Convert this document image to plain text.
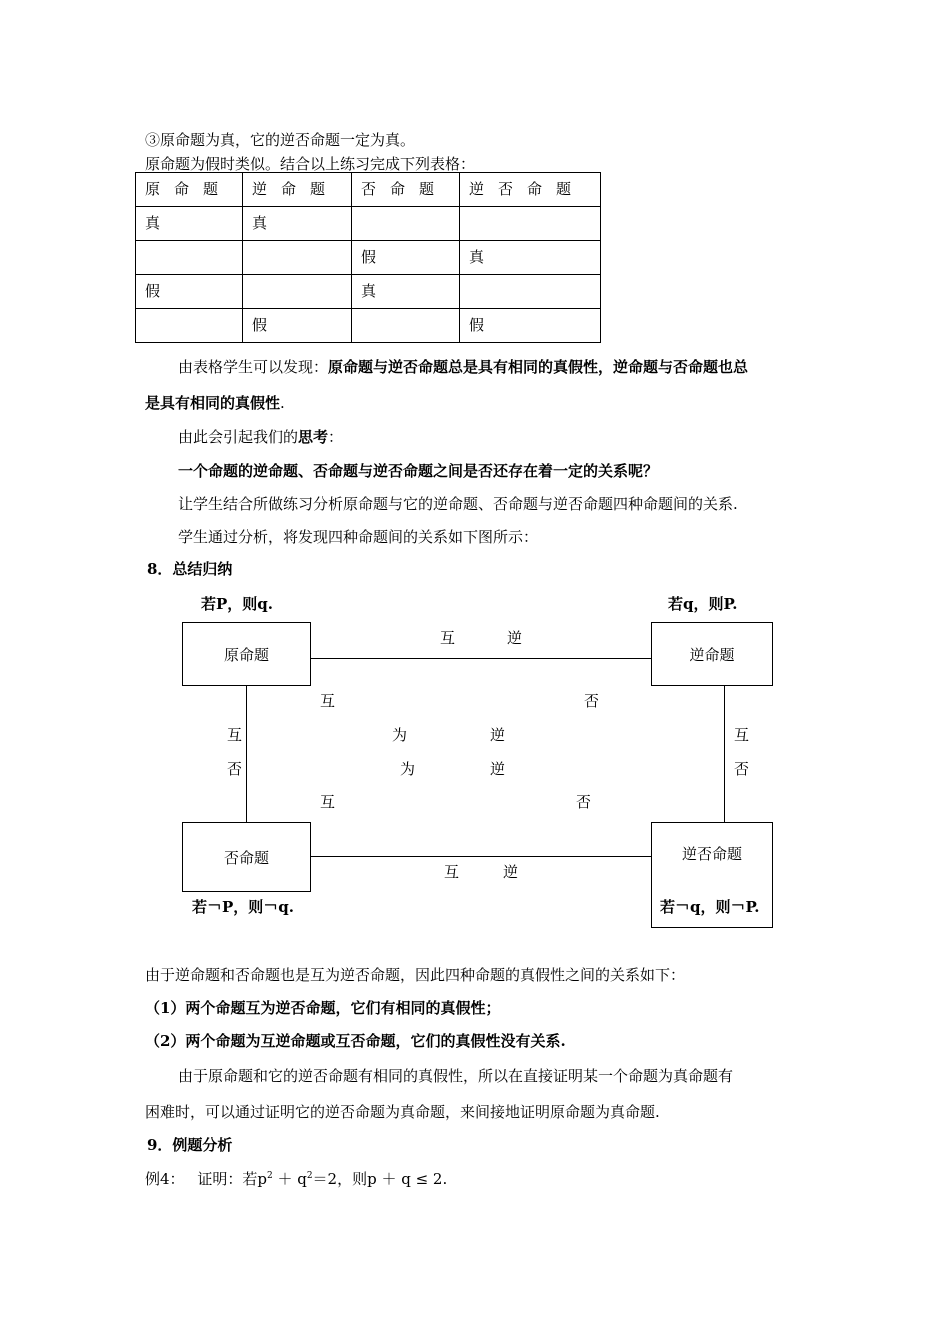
③原命题为真，它的逆否命题一定为真。
原命题为假时类似。结合以上练习完成下列表格：
原命题	逆命题	否命题	逆否命题
真	真		
		假	真
假		真	
	假		假
由表格学生可以发现：原命题与逆否命题总是具有相同的真假性，逆命题与否命题也总
是具有相同的真假性.
由此会引起我们的思考：
一个命题的逆命题、否命题与逆否命题之间是否还存在着一定的关系呢？
让学生结合所做练习分析原命题与它的逆命题、否命题与逆否命题四种命题间的关系.
学生通过分析，将发现四种命题间的关系如下图所示：
8．总结归纳
若P，则q.	若q，则P.
原命题	逆命题
否命题	逆否命题
若￢q，则￢P.
若￢P，则￢q.
互	逆
互	逆
互
否
互
否
互	否
为	逆
为	逆
互	否
由于逆命题和否命题也是互为逆否命题，因此四种命题的真假性之间的关系如下：
（1）两个命题互为逆否命题，它们有相同的真假性；
（2）两个命题为互逆命题或互否命题，它们的真假性没有关系.
由于原命题和它的逆否命题有相同的真假性，所以在直接证明某一个命题为真命题有
困难时，可以通过证明它的逆否命题为真命题，来间接地证明原命题为真命题.
9．例题分析
例4： 证明：若$p^2 + q^2=2$，则p ＋ q ≤ 2.
